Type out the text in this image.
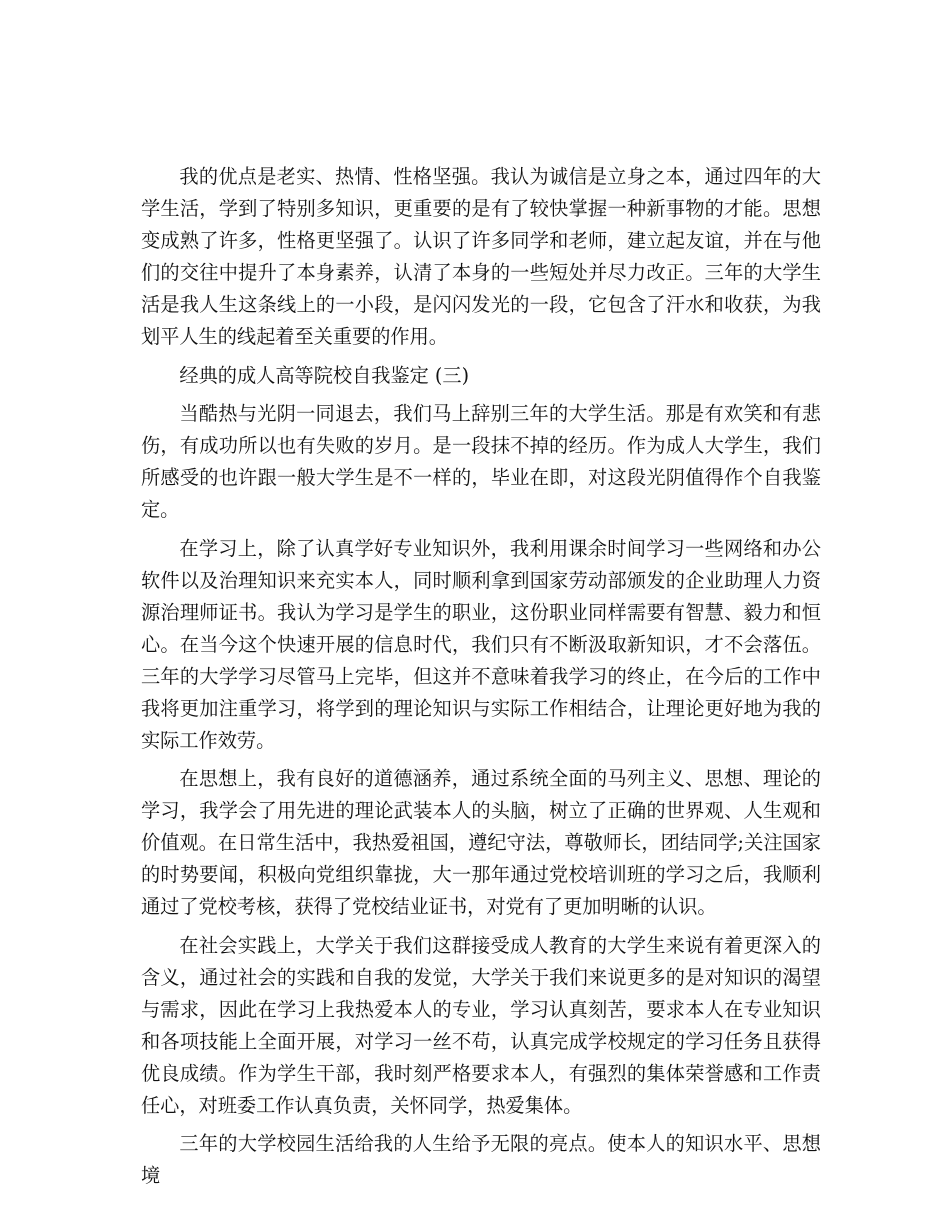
我的优点是老实、热情、性格坚强。我认为诚信是立身之本，通过四年的大学生活，学到了特别多知识，更重要的是有了较快掌握一种新事物的才能。思想变成熟了许多，性格更坚强了。认识了许多同学和老师，建立起友谊，并在与他们的交往中提升了本身素养，认清了本身的一些短处并尽力改正。三年的大学生活是我人生这条线上的一小段，是闪闪发光的一段，它包含了汗水和收获，为我划平人生的线起着至关重要的作用。

经典的成人高等院校自我鉴定 (三)

当酷热与光阴一同退去，我们马上辞别三年的大学生活。那是有欢笑和有悲伤，有成功所以也有失败的岁月。是一段抹不掉的经历。作为成人大学生，我们所感受的也许跟一般大学生是不一样的，毕业在即，对这段光阴值得作个自我鉴定。

在学习上，除了认真学好专业知识外，我利用课余时间学习一些网络和办公软件以及治理知识来充实本人，同时顺利拿到国家劳动部颁发的企业助理人力资源治理师证书。我认为学习是学生的职业，这份职业同样需要有智慧、毅力和恒心。在当今这个快速开展的信息时代，我们只有不断汲取新知识，才不会落伍。三年的大学学习尽管马上完毕，但这并不意味着我学习的终止，在今后的工作中我将更加注重学习，将学到的理论知识与实际工作相结合，让理论更好地为我的实际工作效劳。

在思想上，我有良好的道德涵养，通过系统全面的马列主义、思想、理论的学习，我学会了用先进的理论武装本人的头脑，树立了正确的世界观、人生观和价值观。在日常生活中，我热爱祖国，遵纪守法，尊敬师长，团结同学;关注国家的时势要闻，积极向党组织靠拢，大一那年通过党校培训班的学习之后，我顺利通过了党校考核，获得了党校结业证书，对党有了更加明晰的认识。

在社会实践上，大学关于我们这群接受成人教育的大学生来说有着更深入的含义，通过社会的实践和自我的发觉，大学关于我们来说更多的是对知识的渴望与需求，因此在学习上我热爱本人的专业，学习认真刻苦，要求本人在专业知识和各项技能上全面开展，对学习一丝不苟，认真完成学校规定的学习任务且获得优良成绩。作为学生干部，我时刻严格要求本人，有强烈的集体荣誉感和工作责任心，对班委工作认真负责，关怀同学，热爱集体。

三年的大学校园生活给我的人生给予无限的亮点。使本人的知识水平、思想境
